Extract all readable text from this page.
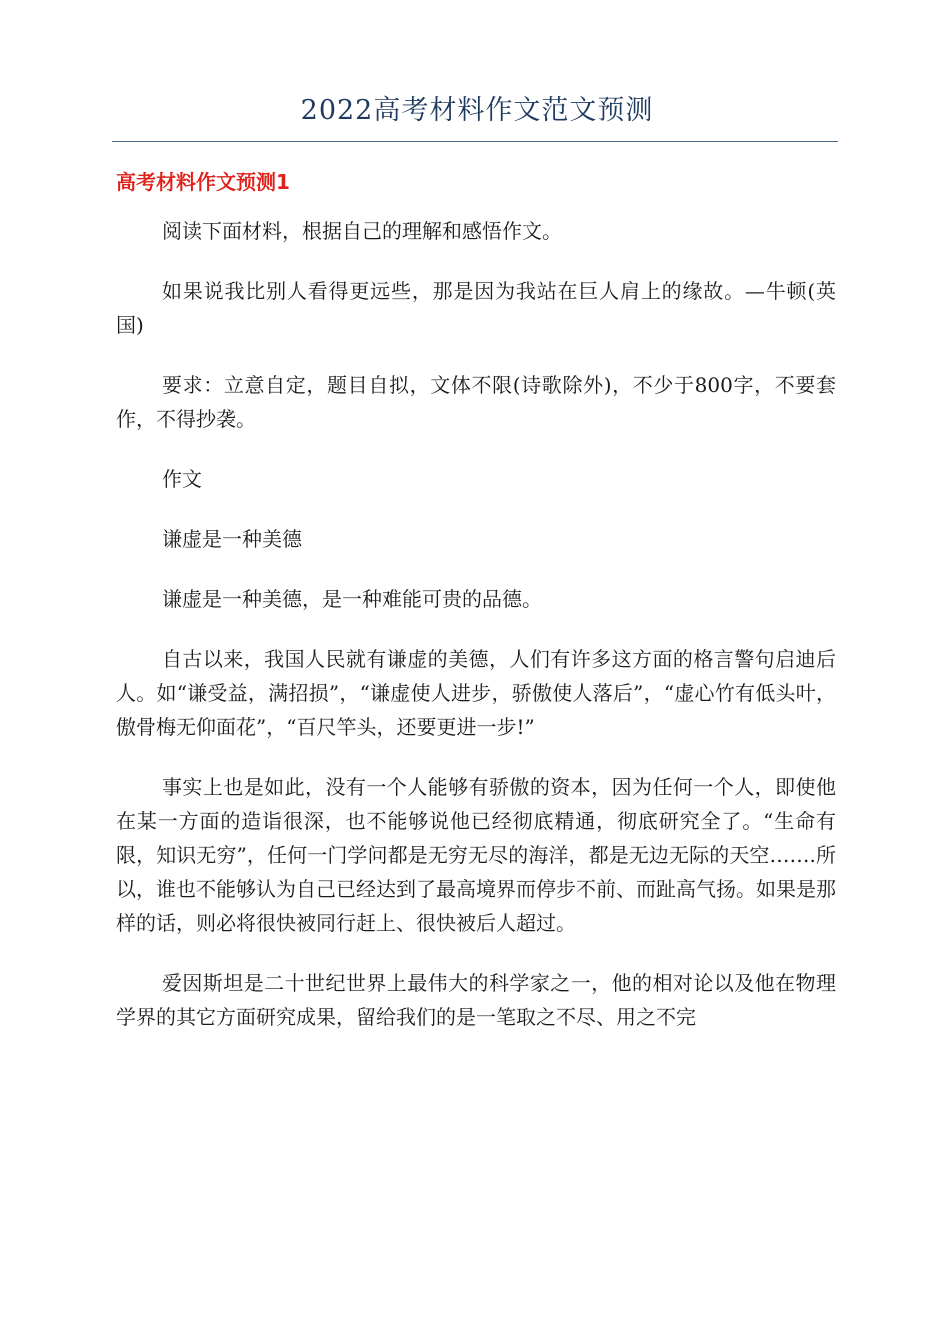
2022高考材料作文范文预测
高考材料作文预测1

阅读下面材料，根据自己的理解和感悟作文。

如果说我比别人看得更远些，那是因为我站在巨人肩上的缘故。—牛顿(英国)

要求：立意自定，题目自拟，文体不限(诗歌除外)，不少于800字，不要套作，不得抄袭。

作文

谦虚是一种美德

谦虚是一种美德，是一种难能可贵的品德。

自古以来，我国人民就有谦虚的美德，人们有许多这方面的格言警句启迪后人。如“谦受益，满招损”，“谦虚使人进步，骄傲使人落后”，“虚心竹有低头叶，傲骨梅无仰面花”，“百尺竿头，还要更进一步!”

事实上也是如此，没有一个人能够有骄傲的资本，因为任何一个人，即使他在某一方面的造诣很深，也不能够说他已经彻底精通，彻底研究全了。“生命有限，知识无穷”，任何一门学问都是无穷无尽的海洋，都是无边无际的天空…….所以，谁也不能够认为自己已经达到了最高境界而停步不前、而趾高气扬。如果是那样的话，则必将很快被同行赶上、很快被后人超过。

爱因斯坦是二十世纪世界上最伟大的科学家之一，他的相对论以及他在物理学界的其它方面研究成果，留给我们的是一笔取之不尽、用之不完
